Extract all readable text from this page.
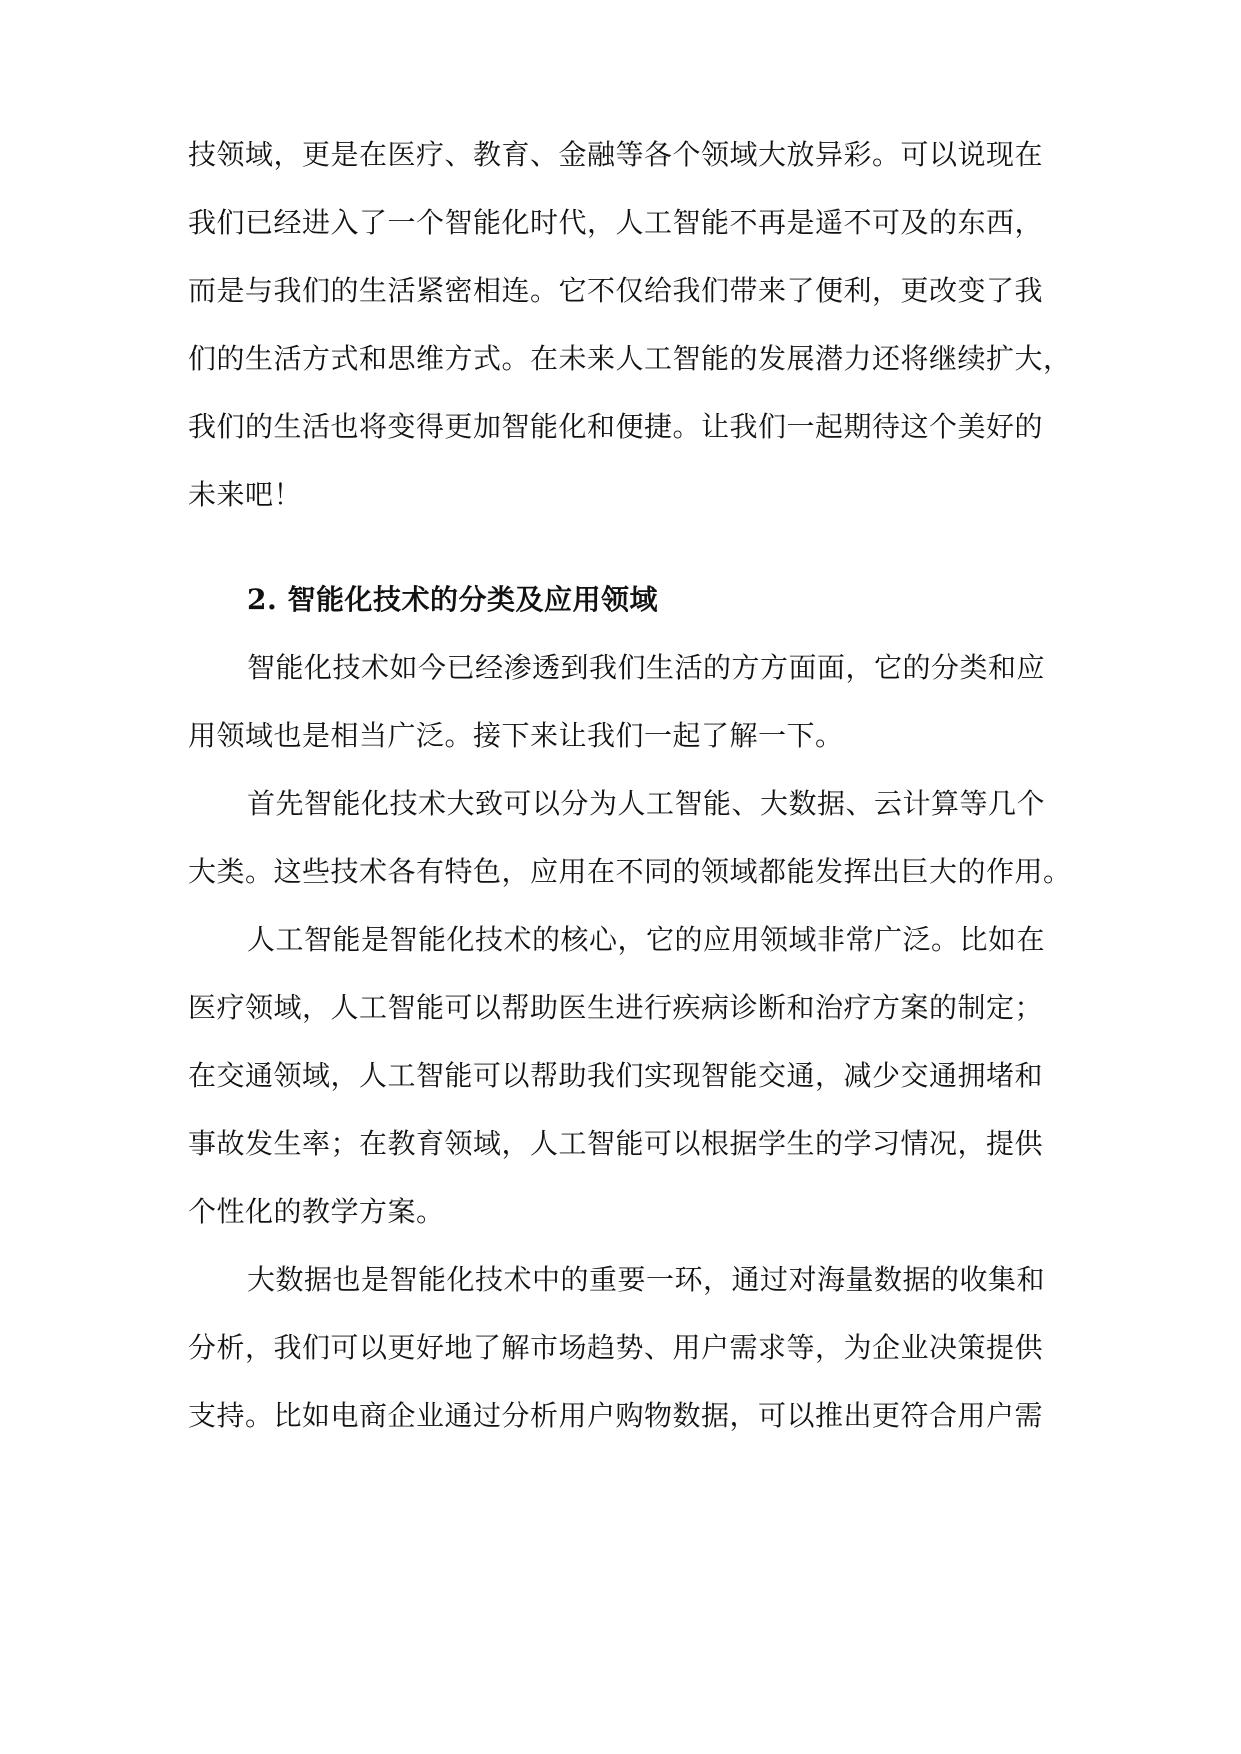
技领域，更是在医疗、教育、金融等各个领域大放异彩。可以说现在
我们已经进入了一个智能化时代，人工智能不再是遥不可及的东西，
而是与我们的生活紧密相连。它不仅给我们带来了便利，更改变了我
们的生活方式和思维方式。在未来人工智能的发展潜力还将继续扩大，
我们的生活也将变得更加智能化和便捷。让我们一起期待这个美好的
未来吧！
2. 智能化技术的分类及应用领域
智能化技术如今已经渗透到我们生活的方方面面，它的分类和应
用领域也是相当广泛。接下来让我们一起了解一下。
首先智能化技术大致可以分为人工智能、大数据、云计算等几个
大类。这些技术各有特色，应用在不同的领域都能发挥出巨大的作用。
人工智能是智能化技术的核心，它的应用领域非常广泛。比如在
医疗领域，人工智能可以帮助医生进行疾病诊断和治疗方案的制定；
在交通领域，人工智能可以帮助我们实现智能交通，减少交通拥堵和
事故发生率；在教育领域，人工智能可以根据学生的学习情况，提供
个性化的教学方案。
大数据也是智能化技术中的重要一环，通过对海量数据的收集和
分析，我们可以更好地了解市场趋势、用户需求等，为企业决策提供
支持。比如电商企业通过分析用户购物数据，可以推出更符合用户需
